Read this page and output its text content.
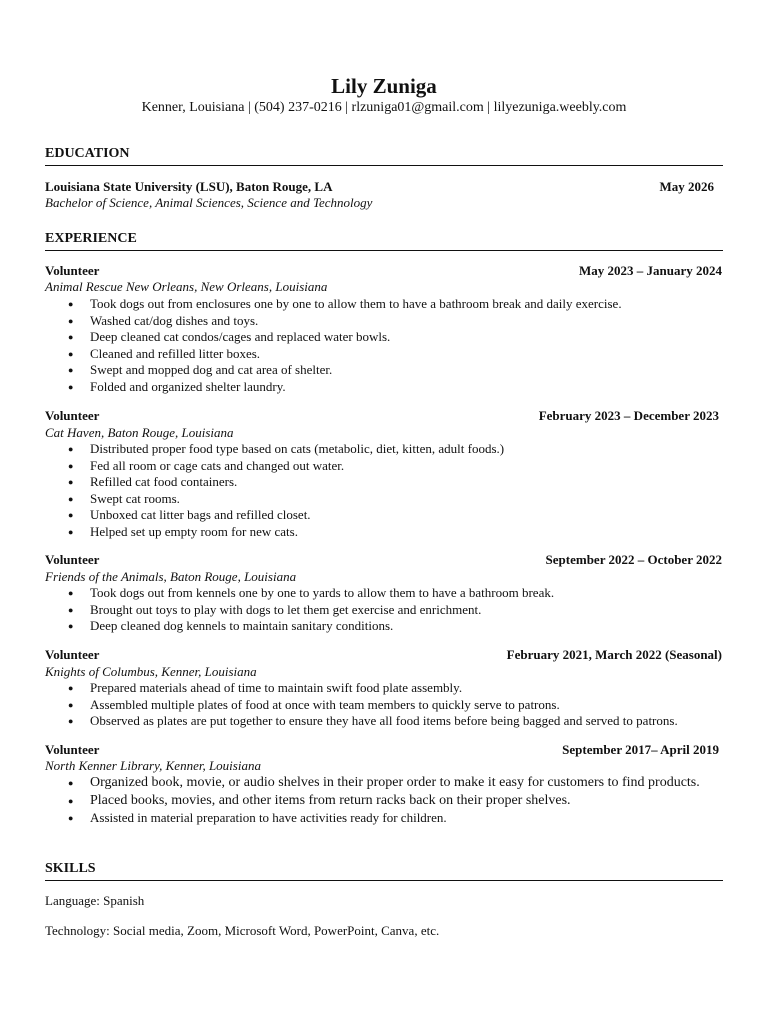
Lily Zuniga
Kenner, Louisiana | (504) 237-0216 | rlzuniga01@gmail.com | lilyezuniga.weebly.com
EDUCATION
Louisiana State University (LSU), Baton Rouge, LA	May 2026
Bachelor of Science, Animal Sciences, Science and Technology
EXPERIENCE
Volunteer	May 2023 – January 2024
Animal Rescue New Orleans, New Orleans, Louisiana
● Took dogs out from enclosures one by one to allow them to have a bathroom break and daily exercise.
● Washed cat/dog dishes and toys.
● Deep cleaned cat condos/cages and replaced water bowls.
● Cleaned and refilled litter boxes.
● Swept and mopped dog and cat area of shelter.
● Folded and organized shelter laundry.
Volunteer	February 2023 – December 2023
Cat Haven, Baton Rouge, Louisiana
● Distributed proper food type based on cats (metabolic, diet, kitten, adult foods.)
● Fed all room or cage cats and changed out water.
● Refilled cat food containers.
● Swept cat rooms.
● Unboxed cat litter bags and refilled closet.
● Helped set up empty room for new cats.
Volunteer	September 2022 – October 2022
Friends of the Animals, Baton Rouge, Louisiana
● Took dogs out from kennels one by one to yards to allow them to have a bathroom break.
● Brought out toys to play with dogs to let them get exercise and enrichment.
● Deep cleaned dog kennels to maintain sanitary conditions.
Volunteer	February 2021, March 2022 (Seasonal)
Knights of Columbus, Kenner, Louisiana
● Prepared materials ahead of time to maintain swift food plate assembly.
● Assembled multiple plates of food at once with team members to quickly serve to patrons.
● Observed as plates are put together to ensure they have all food items before being bagged and served to patrons.
Volunteer	September 2017– April 2019
North Kenner Library, Kenner, Louisiana
● Organized book, movie, or audio shelves in their proper order to make it easy for customers to find products.
● Placed books, movies, and other items from return racks back on their proper shelves.
● Assisted in material preparation to have activities ready for children.
SKILLS
Language: Spanish
Technology: Social media, Zoom, Microsoft Word, PowerPoint, Canva, etc.
